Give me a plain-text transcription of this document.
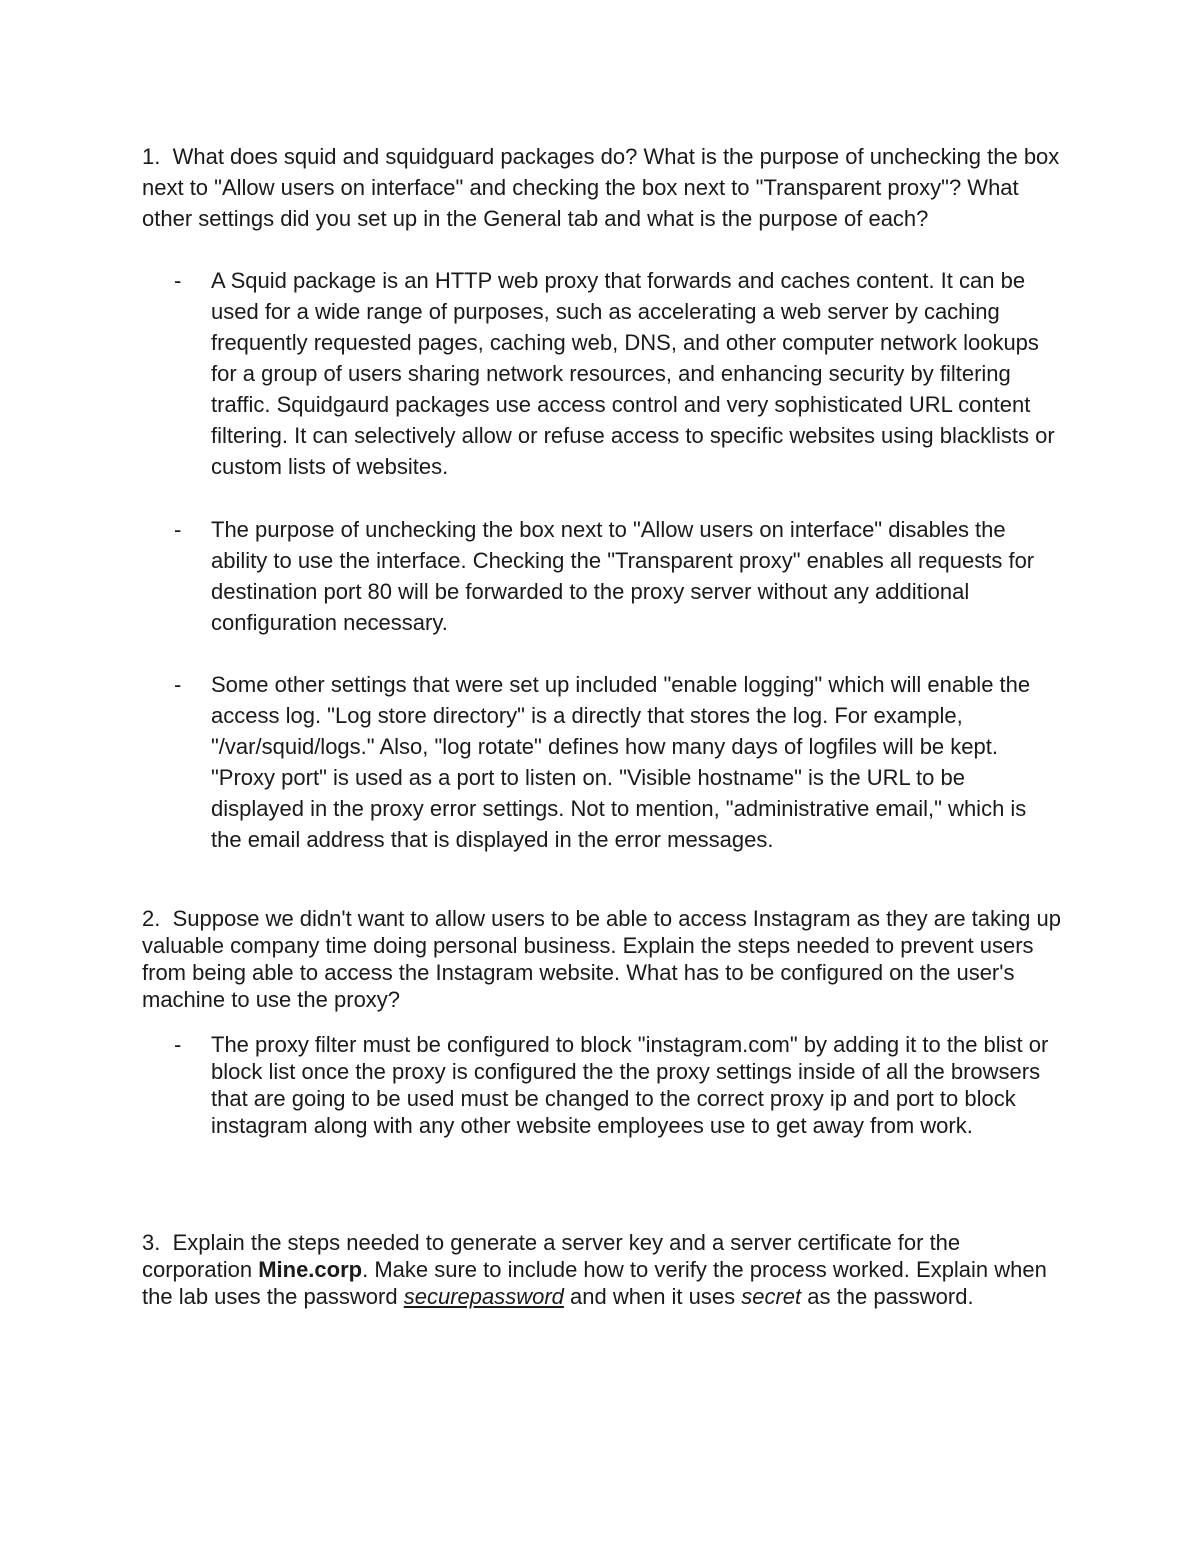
1. What does squid and squidguard packages do? What is the purpose of unchecking the box next to "Allow users on interface" and checking the box next to "Transparent proxy"? What other settings did you set up in the General tab and what is the purpose of each?

- A Squid package is an HTTP web proxy that forwards and caches content. It can be used for a wide range of purposes, such as accelerating a web server by caching frequently requested pages, caching web, DNS, and other computer network lookups for a group of users sharing network resources, and enhancing security by filtering traffic. Squidgaurd packages use access control and very sophisticated URL content filtering. It can selectively allow or refuse access to specific websites using blacklists or custom lists of websites.
- The purpose of unchecking the box next to "Allow users on interface" disables the ability to use the interface. Checking the "Transparent proxy" enables all requests for destination port 80 will be forwarded to the proxy server without any additional configuration necessary.
- Some other settings that were set up included "enable logging" which will enable the access log. "Log store directory" is a directly that stores the log. For example, "/var/squid/logs." Also, "log rotate" defines how many days of logfiles will be kept. "Proxy port" is used as a port to listen on. "Visible hostname" is the URL to be displayed in the proxy error settings. Not to mention, "administrative email," which is the email address that is displayed in the error messages.

2. Suppose we didn't want to allow users to be able to access Instagram as they are taking up valuable company time doing personal business. Explain the steps needed to prevent users from being able to access the Instagram website. What has to be configured on the user's machine to use the proxy?

- The proxy filter must be configured to block "instagram.com" by adding it to the blist or block list once the proxy is configured the the proxy settings inside of all the browsers that are going to be used must be changed to the correct proxy ip and port to block instagram along with any other website employees use to get away from work.

3. Explain the steps needed to generate a server key and a server certificate for the corporation Mine.corp. Make sure to include how to verify the process worked. Explain when the lab uses the password securepassword and when it uses secret as the password.
